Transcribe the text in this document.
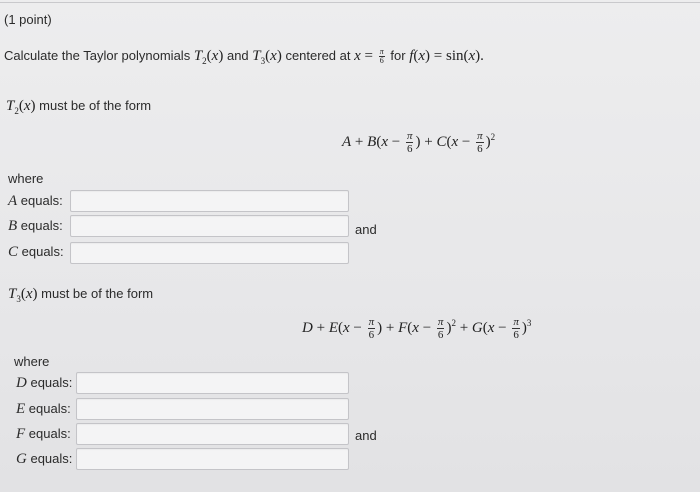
(1 point)
Calculate the Taylor polynomials $T_2(x)$ and $T_3(x)$ centered at $x = \frac{\pi}{6}$ for f(x) = sin(x).
$T_2(x)$ must be of the form
$A + B(x - \frac{\pi}{6}$ ) + $C(x - \frac{\pi}{6} )^2$
where
A equals:
B equals:
C equals:
and
$T_3(x)$ must be of the form
$D + E(x - \frac{\pi}{6}$ ) + $F(x - \frac{\pi}{6} )^2 + G(x - \frac{\pi}{6} )^3$
where
D equals:
E equals:
F equals:
G equals:
and
